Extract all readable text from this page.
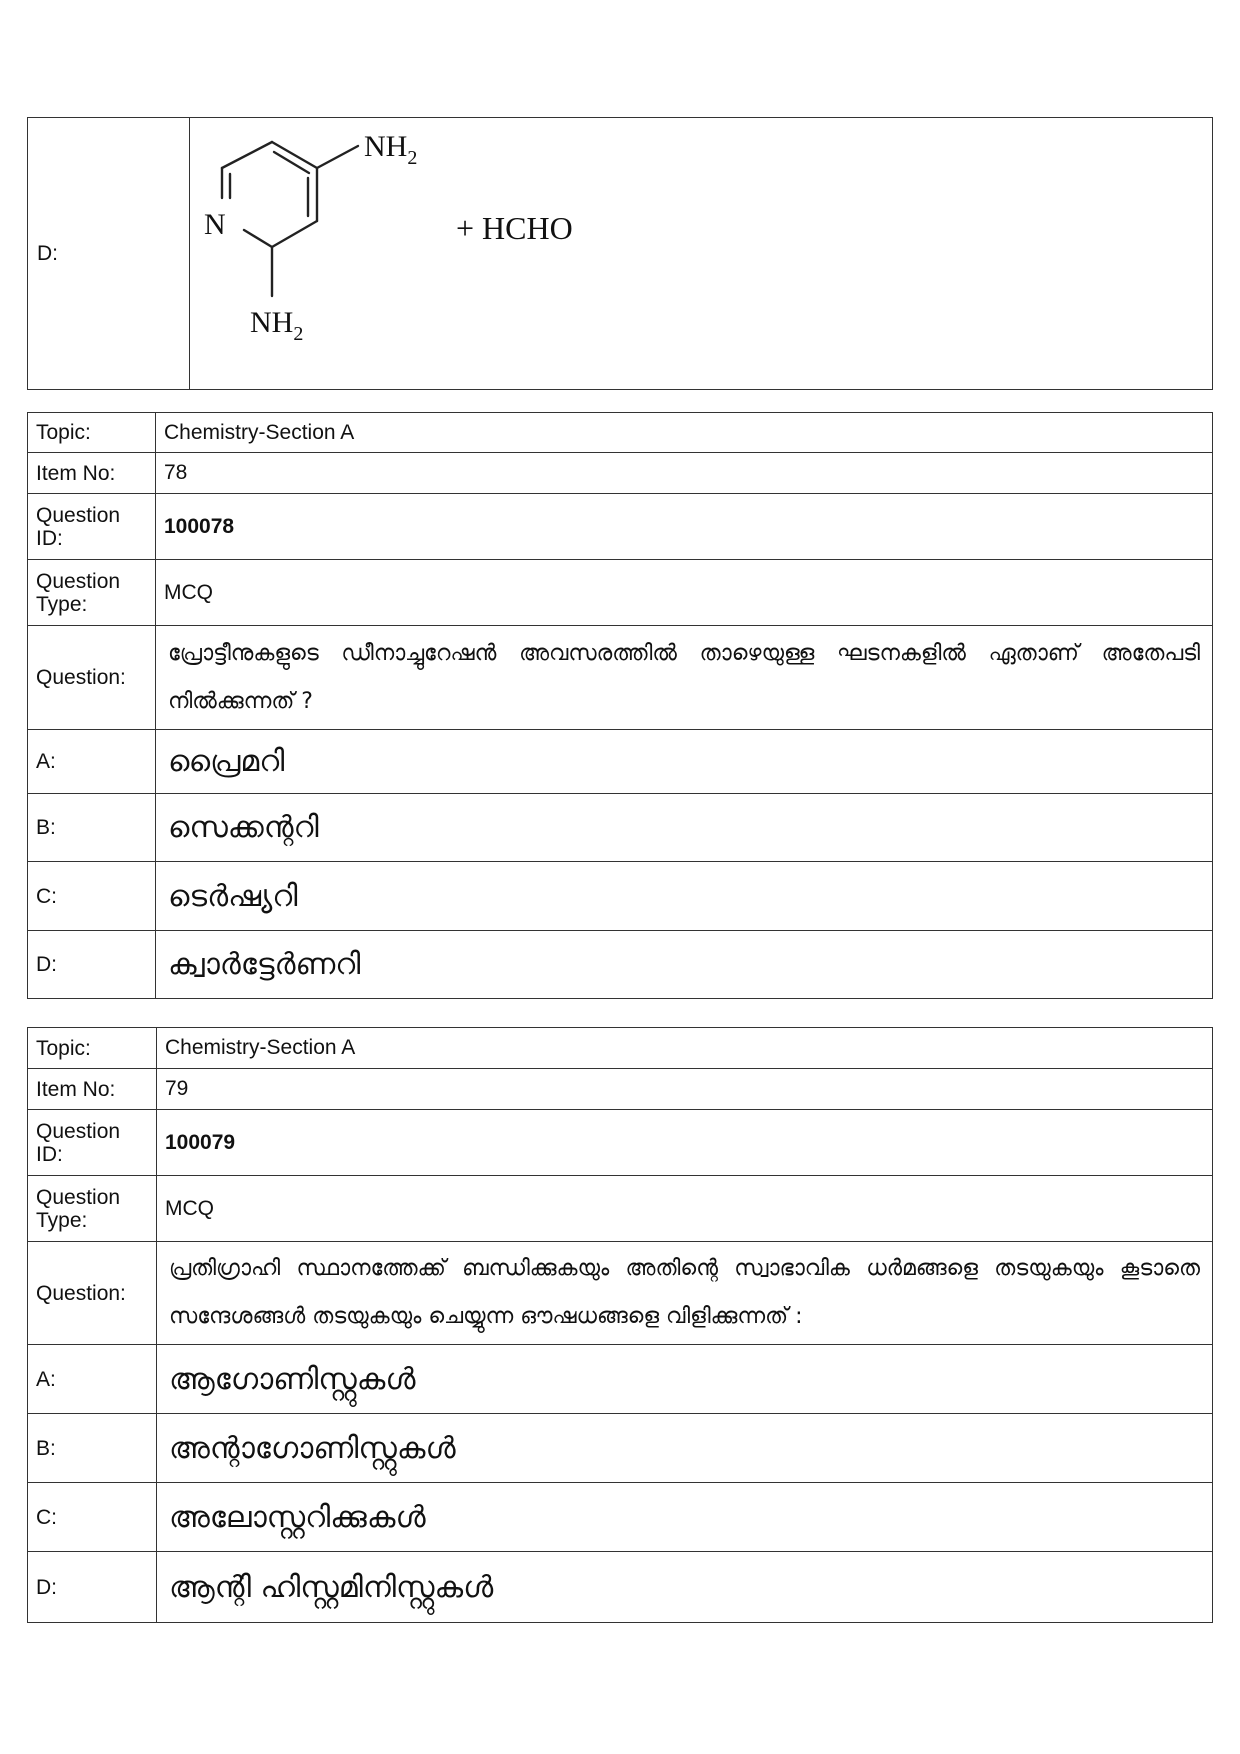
D:	
$NH_2$
N
$NH_2$
+ HCHO
Topic:	Chemistry-Section A
Item No:	78
Question ID:	100078
Question Type:	MCQ
Question:	പ്രോട്ടീനുകളുടെ ഡീനാച്ചുറേഷൻ അവസരത്തിൽ താഴെയുള്ള ഘടനകളിൽ ഏതാണ് അതേപടി നിൽക്കുന്നത് ?
A:	പ്രൈമറി
B:	സെക്കന്ററി
C:	ടെർഷ്യറി
D:	ക്വാർട്ടേർണറി
Topic:	Chemistry-Section A
Item No:	79
Question ID:	100079
Question Type:	MCQ
Question:	പ്രതിഗ്രാഹി സ്ഥാനത്തേക്ക് ബന്ധിക്കുകയും അതിന്റെ സ്വാഭാവിക ധർമങ്ങളെ തടയുകയും കൂടാതെ സന്ദേശങ്ങൾ തടയുകയും ചെയ്യുന്ന ഔഷധങ്ങളെ വിളിക്കുന്നത് :
A:	ആഗോണിസ്റ്റുകൾ
B:	അന്റാഗോണിസ്റ്റുകൾ
C:	അലോസ്റ്ററിക്കുകൾ
D:	ആന്റി ഹിസ്റ്റമിനിസ്റ്റുകൾ
